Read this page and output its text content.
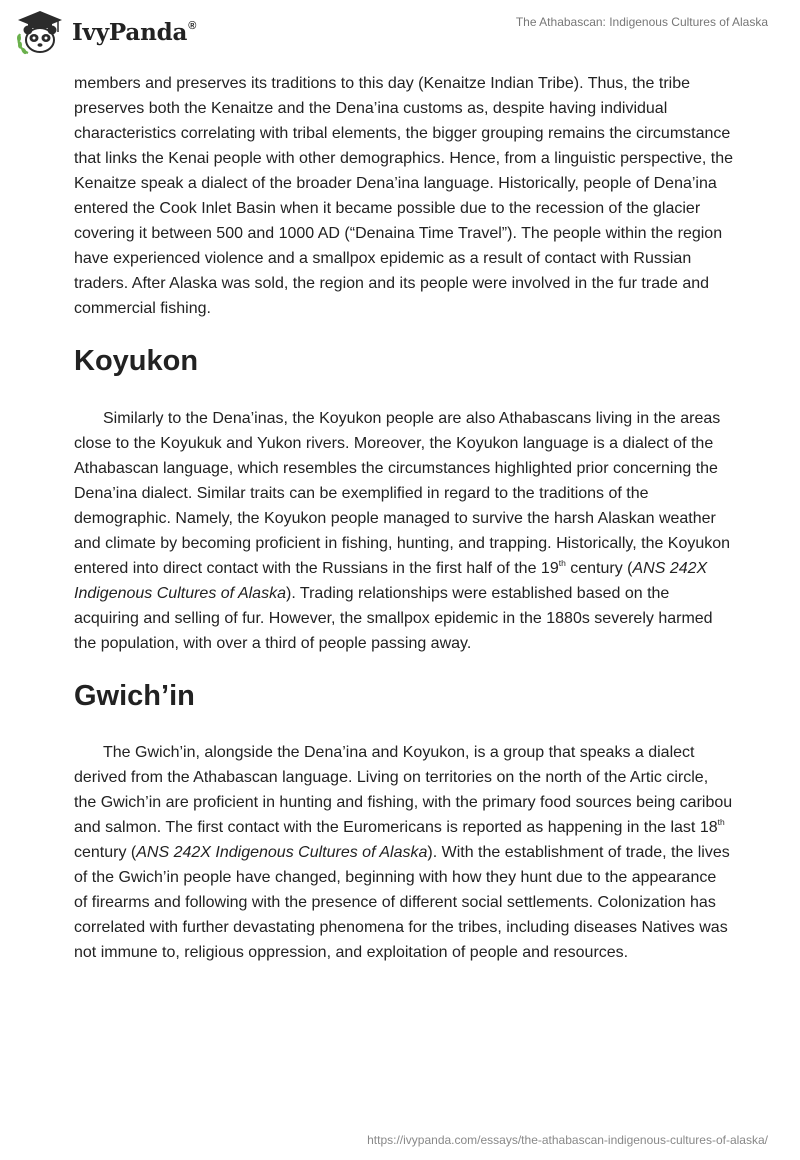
IvyPanda®	The Athabascan: Indigenous Cultures of Alaska

members and preserves its traditions to this day (Kenaitze Indian Tribe). Thus, the tribe preserves both the Kenaitze and the Dena’ina customs as, despite having individual characteristics correlating with tribal elements, the bigger grouping remains the circumstance that links the Kenai people with other demographics. Hence, from a linguistic perspective, the Kenaitze speak a dialect of the broader Dena’ina language. Historically, people of Dena’ina entered the Cook Inlet Basin when it became possible due to the recession of the glacier covering it between 500 and 1000 AD (“Denaina Time Travel”). The people within the region have experienced violence and a smallpox epidemic as a result of contact with Russian traders. After Alaska was sold, the region and its people were involved in the fur trade and commercial fishing.

Koyukon

Similarly to the Dena’inas, the Koyukon people are also Athabascans living in the areas close to the Koyukuk and Yukon rivers. Moreover, the Koyukon language is a dialect of the Athabascan language, which resembles the circumstances highlighted prior concerning the Dena’ina dialect. Similar traits can be exemplified in regard to the traditions of the demographic. Namely, the Koyukon people managed to survive the harsh Alaskan weather and climate by becoming proficient in fishing, hunting, and trapping. Historically, the Koyukon entered into direct contact with the Russians in the first half of the 19th century (ANS 242X Indigenous Cultures of Alaska). Trading relationships were established based on the acquiring and selling of fur. However, the smallpox epidemic in the 1880s severely harmed the population, with over a third of people passing away.

Gwich’in

The Gwich’in, alongside the Dena’ina and Koyukon, is a group that speaks a dialect derived from the Athabascan language. Living on territories on the north of the Artic circle, the Gwich’in are proficient in hunting and fishing, with the primary food sources being caribou and salmon. The first contact with the Euromericans is reported as happening in the last 18th century (ANS 242X Indigenous Cultures of Alaska). With the establishment of trade, the lives of the Gwich’in people have changed, beginning with how they hunt due to the appearance of firearms and following with the presence of different social settlements. Colonization has correlated with further devastating phenomena for the tribes, including diseases Natives was not immune to, religious oppression, and exploitation of people and resources.

https://ivypanda.com/essays/the-athabascan-indigenous-cultures-of-alaska/
